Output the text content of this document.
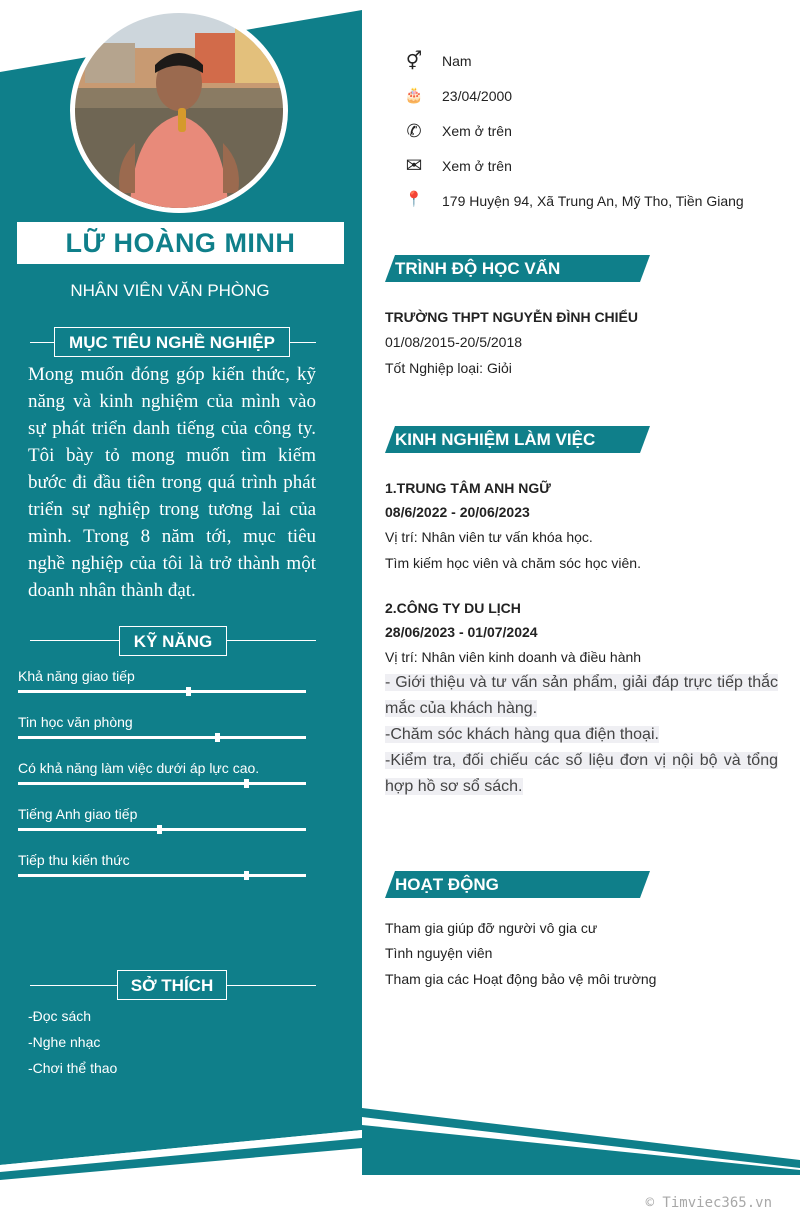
LỮ HOÀNG MINH
NHÂN VIÊN VĂN PHÒNG
MỤC TIÊU NGHỀ NGHIỆP
Mong muốn đóng góp kiến thức, kỹ năng và kinh nghiệm của mình vào sự phát triển danh tiếng của công ty. Tôi bày tỏ mong muốn tìm kiếm bước đi đầu tiên trong quá trình phát triển sự nghiệp trong tương lai của mình. Trong 8 năm tới, mục tiêu nghề nghiệp của tôi là trở thành một doanh nhân thành đạt.
KỸ NĂNG
Khả năng giao tiếp
Tin học văn phòng
Có khả năng làm việc dưới áp lực cao.
Tiếng Anh giao tiếp
Tiếp thu kiến thức
SỞ THÍCH
-Đọc sách
-Nghe nhạc
-Chơi thể thao
⚥	Nam
🎂	23/04/2000
✆	Xem ở trên
✉	Xem ở trên
📍	179 Huyện 94, Xã Trung An, Mỹ Tho, Tiền Giang
TRÌNH ĐỘ HỌC VẤN
TRƯỜNG THPT NGUYỄN ĐÌNH CHIỂU
01/08/2015-20/5/2018
Tốt Nghiệp loại: Giỏi
KINH NGHIỆM LÀM VIỆC
1.TRUNG TÂM ANH NGỮ
08/6/2022 - 20/06/2023
Vị trí: Nhân viên tư vấn khóa học.
Tìm kiếm học viên và chăm sóc học viên.
2.CÔNG TY DU LỊCH
28/06/2023 - 01/07/2024
Vị trí: Nhân viên kinh doanh và điều hành
- Giới thiệu và tư vấn sản phẩm, giải đáp trực tiếp thắc mắc của khách hàng.
-Chăm sóc khách hàng qua điện thoại.
-Kiểm tra, đối chiếu các số liệu đơn vị nội bộ và tổng hợp hồ sơ sổ sách.
HOẠT ĐỘNG
Tham gia giúp đỡ người vô gia cư
Tình nguyện viên
Tham gia các Hoạt động bảo vệ môi trường
© Timviec365.vn
